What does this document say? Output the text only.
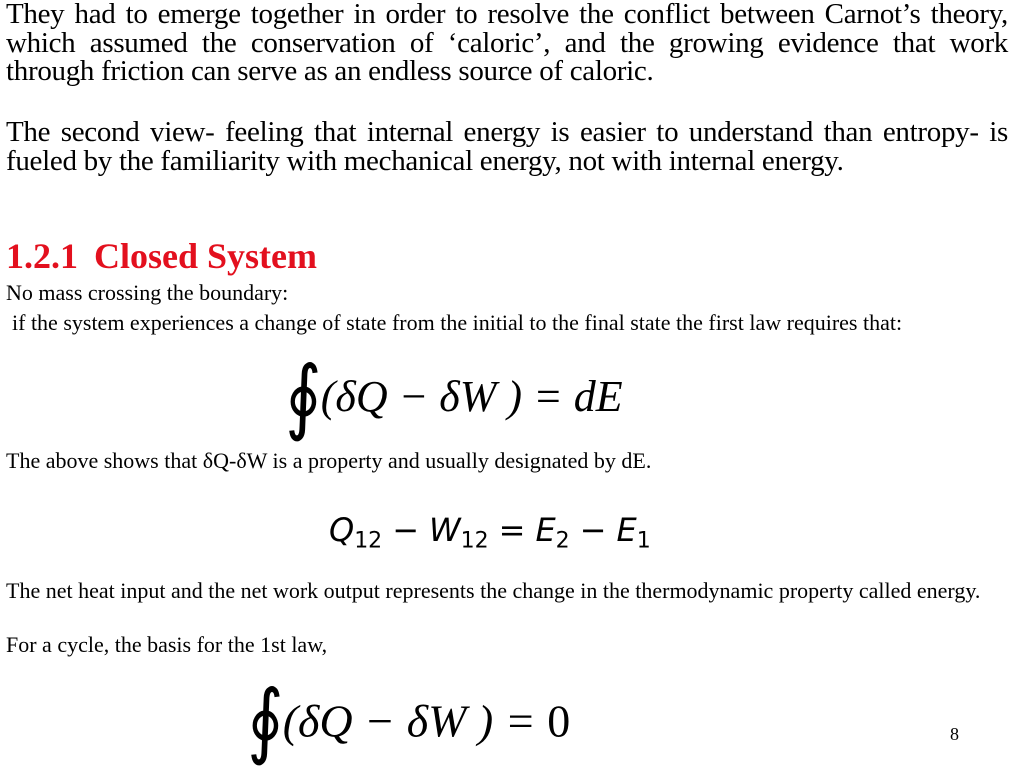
They had to emerge together in order to resolve the conflict between Carnot’s theory, which assumed the conservation of ‘caloric’, and the growing evidence that work through friction can serve as an endless source of caloric.

The second view- feeling that internal energy is easier to understand than entropy- is fueled by the familiarity with mechanical energy, not with internal energy.

1.2.1 Closed System

No mass crossing the boundary:

if the system experiences a change of state from the initial to the final state the first law requires that:

∮(δQ − δW ) = dE

The above shows that δQ-δW is a property and usually designated by dE.

$Q_{12} - W_{12} = E_2 - E_1$

The net heat input and the net work output represents the change in the thermodynamic property called energy.

For a cycle, the basis for the 1st law,

∮(δQ − δW ) = 0	8
